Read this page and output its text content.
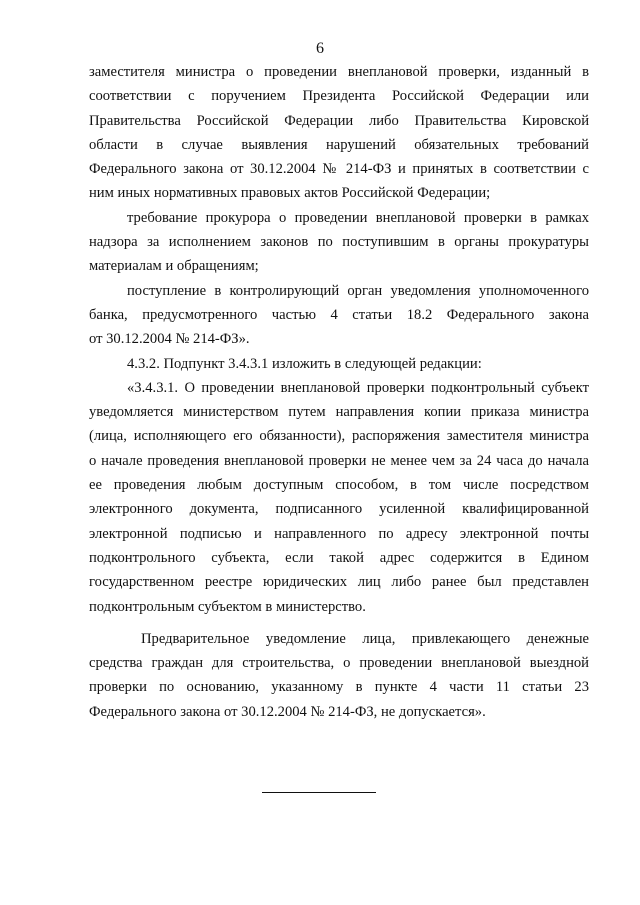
6
заместителя министра о проведении внеплановой проверки, изданный в
соответствии с поручением Президента Российской Федерации или
Правительства Российской Федерации либо Правительства Кировской
области в случае выявления нарушений обязательных требований
Федерального закона от 30.12.2004 № 214-ФЗ и принятых в соответствии с
ним иных нормативных правовых актов Российской Федерации;
требование прокурора о проведении внеплановой проверки в рамках
надзора за исполнением законов по поступившим в органы прокуратуры
материалам и обращениям;
поступление в контролирующий орган уведомления уполномоченного
банка, предусмотренного частью 4 статьи 18.2 Федерального закона
от 30.12.2004 № 214-ФЗ».
4.3.2. Подпункт 3.4.3.1 изложить в следующей редакции:
«3.4.3.1. О проведении внеплановой проверки подконтрольный субъект
уведомляется министерством путем направления копии приказа министра
(лица, исполняющего его обязанности), распоряжения заместителя министра
о начале проведения внеплановой проверки не менее чем за 24 часа до начала
ее проведения любым доступным способом, в том числе посредством
электронного документа, подписанного усиленной квалифицированной
электронной подписью и направленного по адресу электронной почты
подконтрольного субъекта, если такой адрес содержится в Едином
государственном реестре юридических лиц либо ранее был представлен
подконтрольным субъектом в министерство.
Предварительное уведомление лица, привлекающего денежные
средства граждан для строительства, о проведении внеплановой выездной
проверки по основанию, указанному в пункте 4 части 11 статьи 23
Федерального закона от 30.12.2004 № 214-ФЗ, не допускается».
